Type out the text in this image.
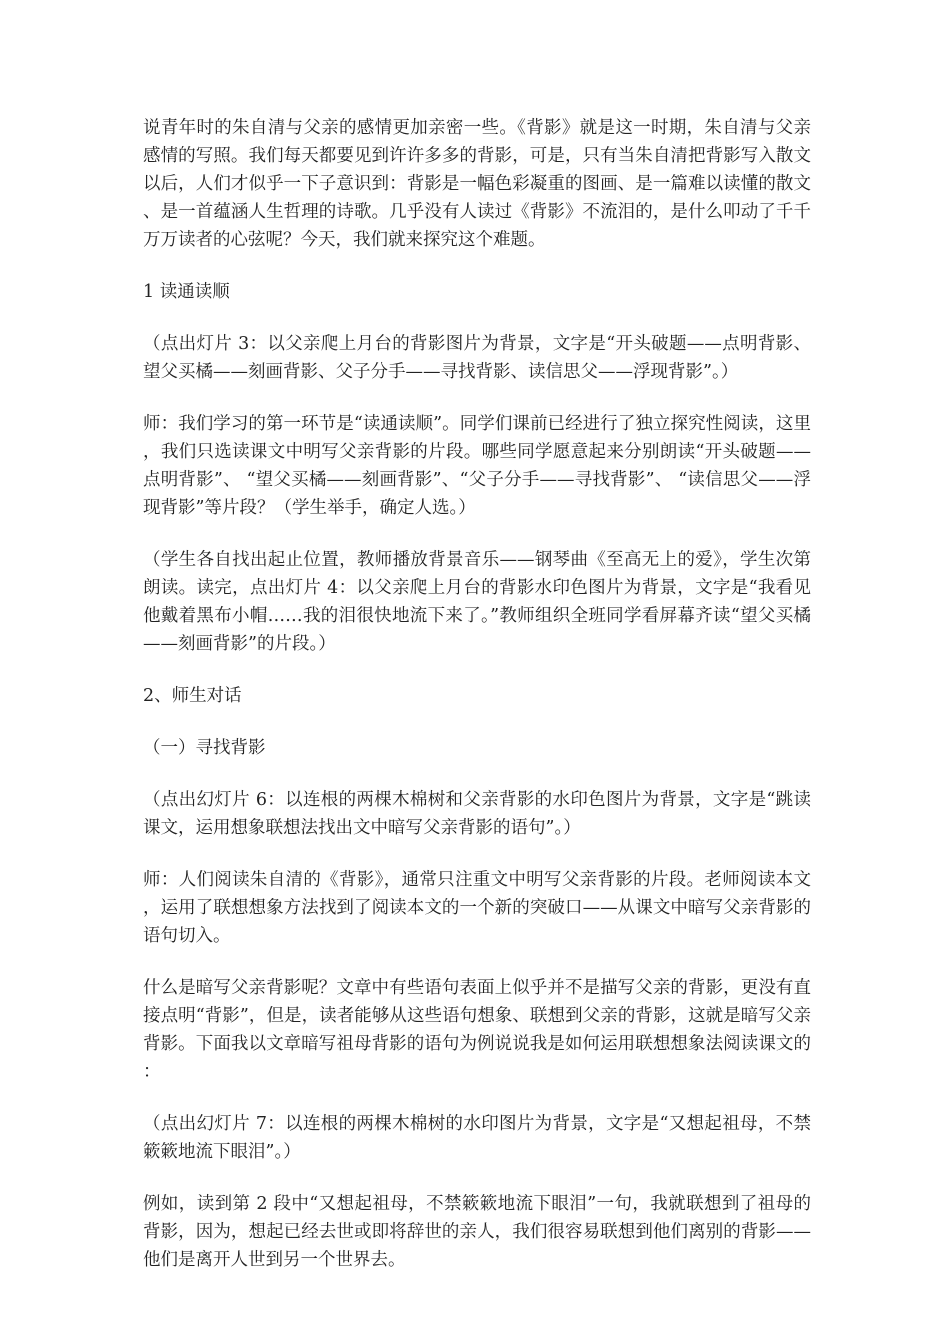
说青年时的朱自清与父亲的感情更加亲密一些。《背影》就是这一时期，朱自清与父亲感情的写照。我们每天都要见到许许多多的背影，可是，只有当朱自清把背影写入散文以后，人们才似乎一下子意识到：背影是一幅色彩凝重的图画、是一篇难以读懂的散文、是一首蕴涵人生哲理的诗歌。几乎没有人读过《背影》不流泪的，是什么叩动了千千万万读者的心弦呢？今天，我们就来探究这个难题。

1 读通读顺

（点出灯片 3：以父亲爬上月台的背影图片为背景，文字是“开头破题——点明背影、望父买橘——刻画背影、父子分手——寻找背影、读信思父——浮现背影”。）

师：我们学习的第一环节是“读通读顺”。同学们课前已经进行了独立探究性阅读，这里，我们只选读课文中明写父亲背影的片段。哪些同学愿意起来分别朗读“开头破题——点明背影”、 “望父买橘——刻画背影”、“父子分手——寻找背影”、 “读信思父——浮现背影”等片段？（学生举手，确定人选。）

（学生各自找出起止位置，教师播放背景音乐——钢琴曲《至高无上的爱》，学生次第朗读。读完，点出灯片 4：以父亲爬上月台的背影水印色图片为背景，文字是“我看见他戴着黑布小帽……我的泪很快地流下来了。”教师组织全班同学看屏幕齐读“望父买橘——刻画背影”的片段。）

2、师生对话

（一）寻找背影

（点出幻灯片 6：以连根的两棵木棉树和父亲背影的水印色图片为背景，文字是“跳读课文，运用想象联想法找出文中暗写父亲背影的语句”。）

师：人们阅读朱自清的《背影》，通常只注重文中明写父亲背影的片段。老师阅读本文，运用了联想想象方法找到了阅读本文的一个新的突破口——从课文中暗写父亲背影的语句切入。

什么是暗写父亲背影呢？文章中有些语句表面上似乎并不是描写父亲的背影，更没有直接点明“背影”，但是，读者能够从这些语句想象、联想到父亲的背影，这就是暗写父亲背影。下面我以文章暗写祖母背影的语句为例说说我是如何运用联想想象法阅读课文的：

（点出幻灯片 7：以连根的两棵木棉树的水印图片为背景，文字是“又想起祖母，不禁簌簌地流下眼泪”。）

例如，读到第 2 段中“又想起祖母，不禁簌簌地流下眼泪”一句，我就联想到了祖母的背影，因为，想起已经去世或即将辞世的亲人，我们很容易联想到他们离别的背影——他们是离开人世到另一个世界去。
